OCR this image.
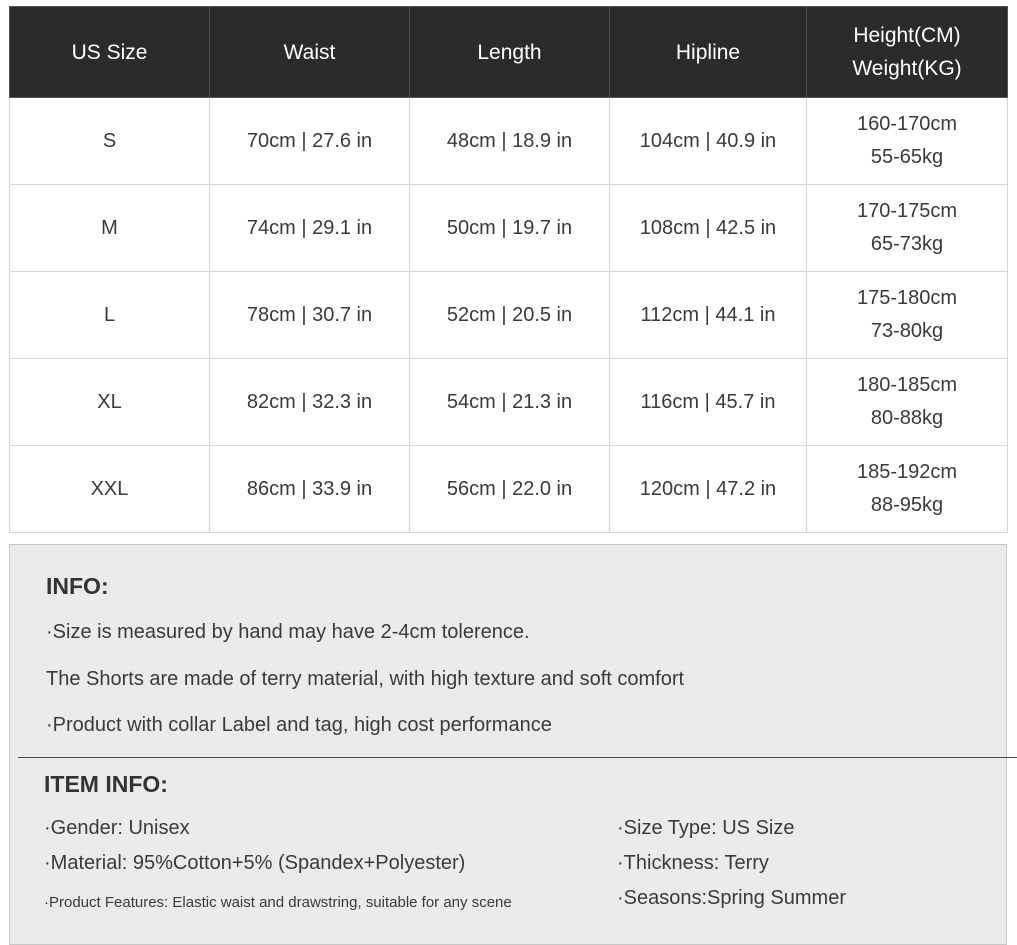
US Size	Waist	Length	Hipline	Height(CM)
Weight(KG)

S	70cm | 27.6 in	48cm | 18.9 in	104cm | 40.9 in	160-170cm
55-65kg

M	74cm | 29.1 in	50cm | 19.7 in	108cm | 42.5 in	170-175cm
65-73kg

L	78cm | 30.7 in	52cm | 20.5 in	112cm | 44.1 in	175-180cm
73-80kg

XL	82cm | 32.3 in	54cm | 21.3 in	116cm | 45.7 in	180-185cm
80-88kg

XXL	86cm | 33.9 in	56cm | 22.0 in	120cm | 47.2 in	185-192cm
88-95kg
INFO:
·Size is measured by hand may have 2-4cm tolerence.
The Shorts are made of terry material, with high texture and soft comfort
·Product with collar Label and tag, high cost performance
ITEM INFO:
·Gender: Unisex
·Material: 95%Cotton+5% (Spandex+Polyester)
·Product Features: Elastic waist and drawstring, suitable for any scene
·Size Type: US Size
·Thickness: Terry
·Seasons:Spring Summer
